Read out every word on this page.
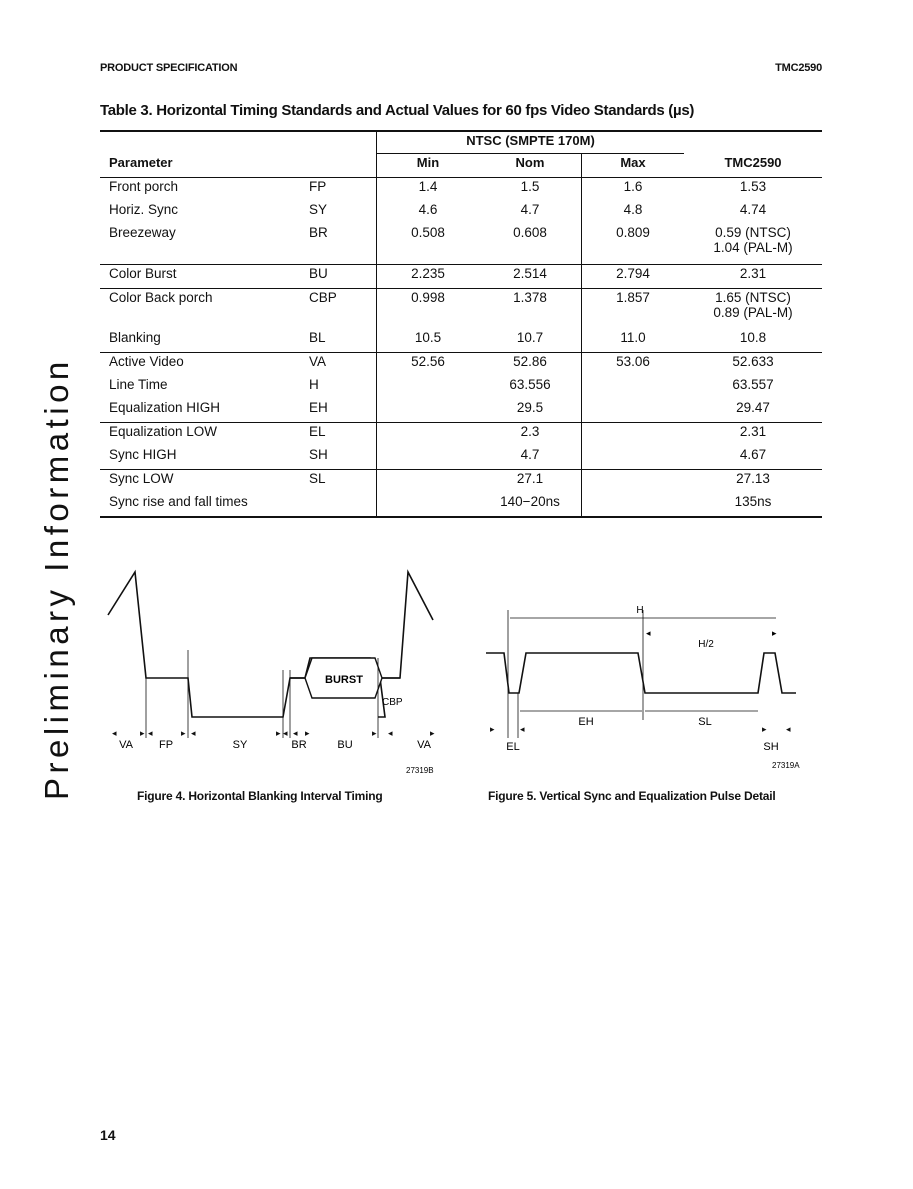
PRODUCT SPECIFICATION	TMC2590
Preliminary Information
Table 3. Horizontal Timing Standards and Actual Values for 60 fps Video Standards (µs)
		NTSC (SMPTE 170M)			
Parameter		Min	Nom	Max	TMC2590

Front porch	FP	1.4	1.5	1.6	1.53

Horiz. Sync	SY	4.6	4.7	4.8	4.74

Breezeway	BR	0.508	0.608	0.809	0.59 (NTSC)
1.04 (PAL-M)

Color Burst	BU	2.235	2.514	2.794	2.31

Color Back porch	CBP	0.998	1.378	1.857	1.65 (NTSC)
0.89 (PAL-M)

Blanking	BL	10.5	10.7	11.0	10.8

Active Video	VA	52.56	52.86	53.06	52.633

Line Time	H		63.556		63.557

Equalization HIGH	EH		29.5		29.47

Equalization LOW	EL		2.3		2.31

Sync HIGH	SH		4.7		4.67

Sync LOW	SL		27.1		27.13

Sync rise and fall times			140−20ns		135ns
BURST
◂	▸ ◂	▸ ◂	▸ ◂ ◂ ▸	▸ ◂	▸
CBP
VA FP	SY	BR	BU	VA
27319B
Figure 4. Horizontal Blanking Interval Timing
H
◂	▸
H/2
EH	SL
▸	◂	▸ ◂
EL	SH
27319A
Figure 5. Vertical Sync and Equalization Pulse Detail
14
